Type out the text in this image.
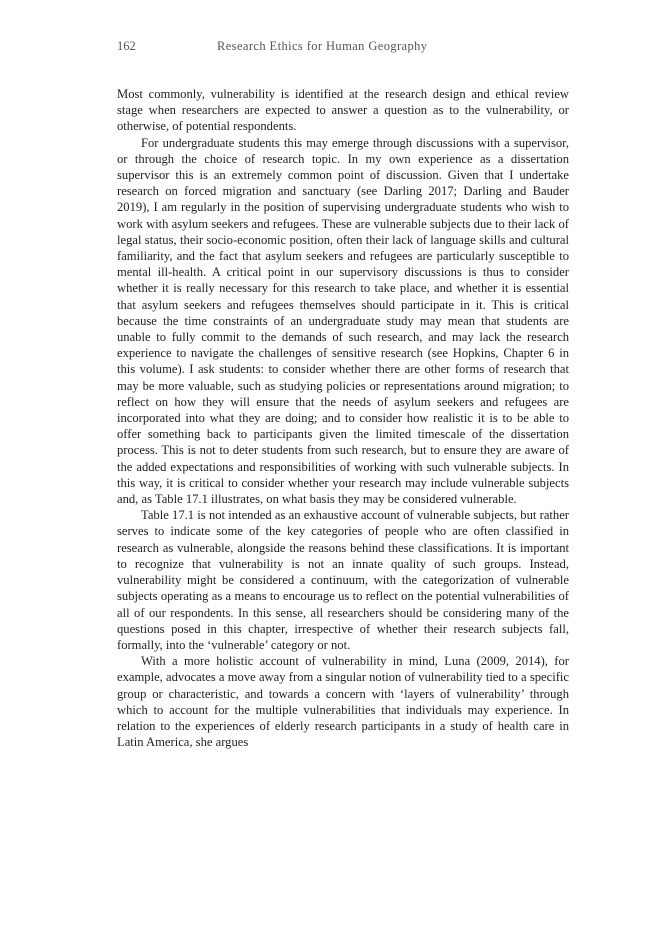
162	Research Ethics for Human Geography

Most commonly, vulnerability is identified at the research design and ethical review stage when researchers are expected to answer a question as to the vulnerability, or otherwise, of potential respondents.

For undergraduate students this may emerge through discussions with a supervisor, or through the choice of research topic. In my own experience as a dissertation supervisor this is an extremely common point of discussion. Given that I undertake research on forced migration and sanctuary (see Darling 2017; Darling and Bauder 2019), I am regularly in the position of supervising undergraduate students who wish to work with asylum seekers and refugees. These are vulnerable subjects due to their lack of legal status, their socio-economic position, often their lack of language skills and cultural familiarity, and the fact that asylum seekers and refugees are particularly susceptible to mental ill-health. A critical point in our supervisory discussions is thus to consider whether it is really necessary for this research to take place, and whether it is essential that asylum seekers and refugees themselves should participate in it. This is critical because the time constraints of an undergraduate study may mean that students are unable to fully commit to the demands of such research, and may lack the research experience to navigate the challenges of sensitive research (see Hopkins, Chapter 6 in this volume). I ask students: to consider whether there are other forms of research that may be more valuable, such as studying policies or representations around migration; to reflect on how they will ensure that the needs of asylum seekers and refugees are incorporated into what they are doing; and to consider how realistic it is to be able to offer something back to participants given the limited timescale of the dissertation process. This is not to deter students from such research, but to ensure they are aware of the added expectations and responsibilities of working with such vulnerable subjects. In this way, it is critical to consider whether your research may include vulnerable subjects and, as Table 17.1 illustrates, on what basis they may be considered vulnerable.

Table 17.1 is not intended as an exhaustive account of vulnerable subjects, but rather serves to indicate some of the key categories of people who are often classified in research as vulnerable, alongside the reasons behind these classifications. It is important to recognize that vulnerability is not an innate quality of such groups. Instead, vulnerability might be considered a continuum, with the categorization of vulnerable subjects operating as a means to encourage us to reflect on the potential vulnerabilities of all of our respondents. In this sense, all researchers should be considering many of the questions posed in this chapter, irrespective of whether their research subjects fall, formally, into the ‘vulnerable’ category or not.

With a more holistic account of vulnerability in mind, Luna (2009, 2014), for example, advocates a move away from a singular notion of vulnerability tied to a specific group or characteristic, and towards a concern with ‘layers of vulnerability’ through which to account for the multiple vulnerabilities that individuals may experience. In relation to the experiences of elderly research participants in a study of health care in Latin America, she argues
